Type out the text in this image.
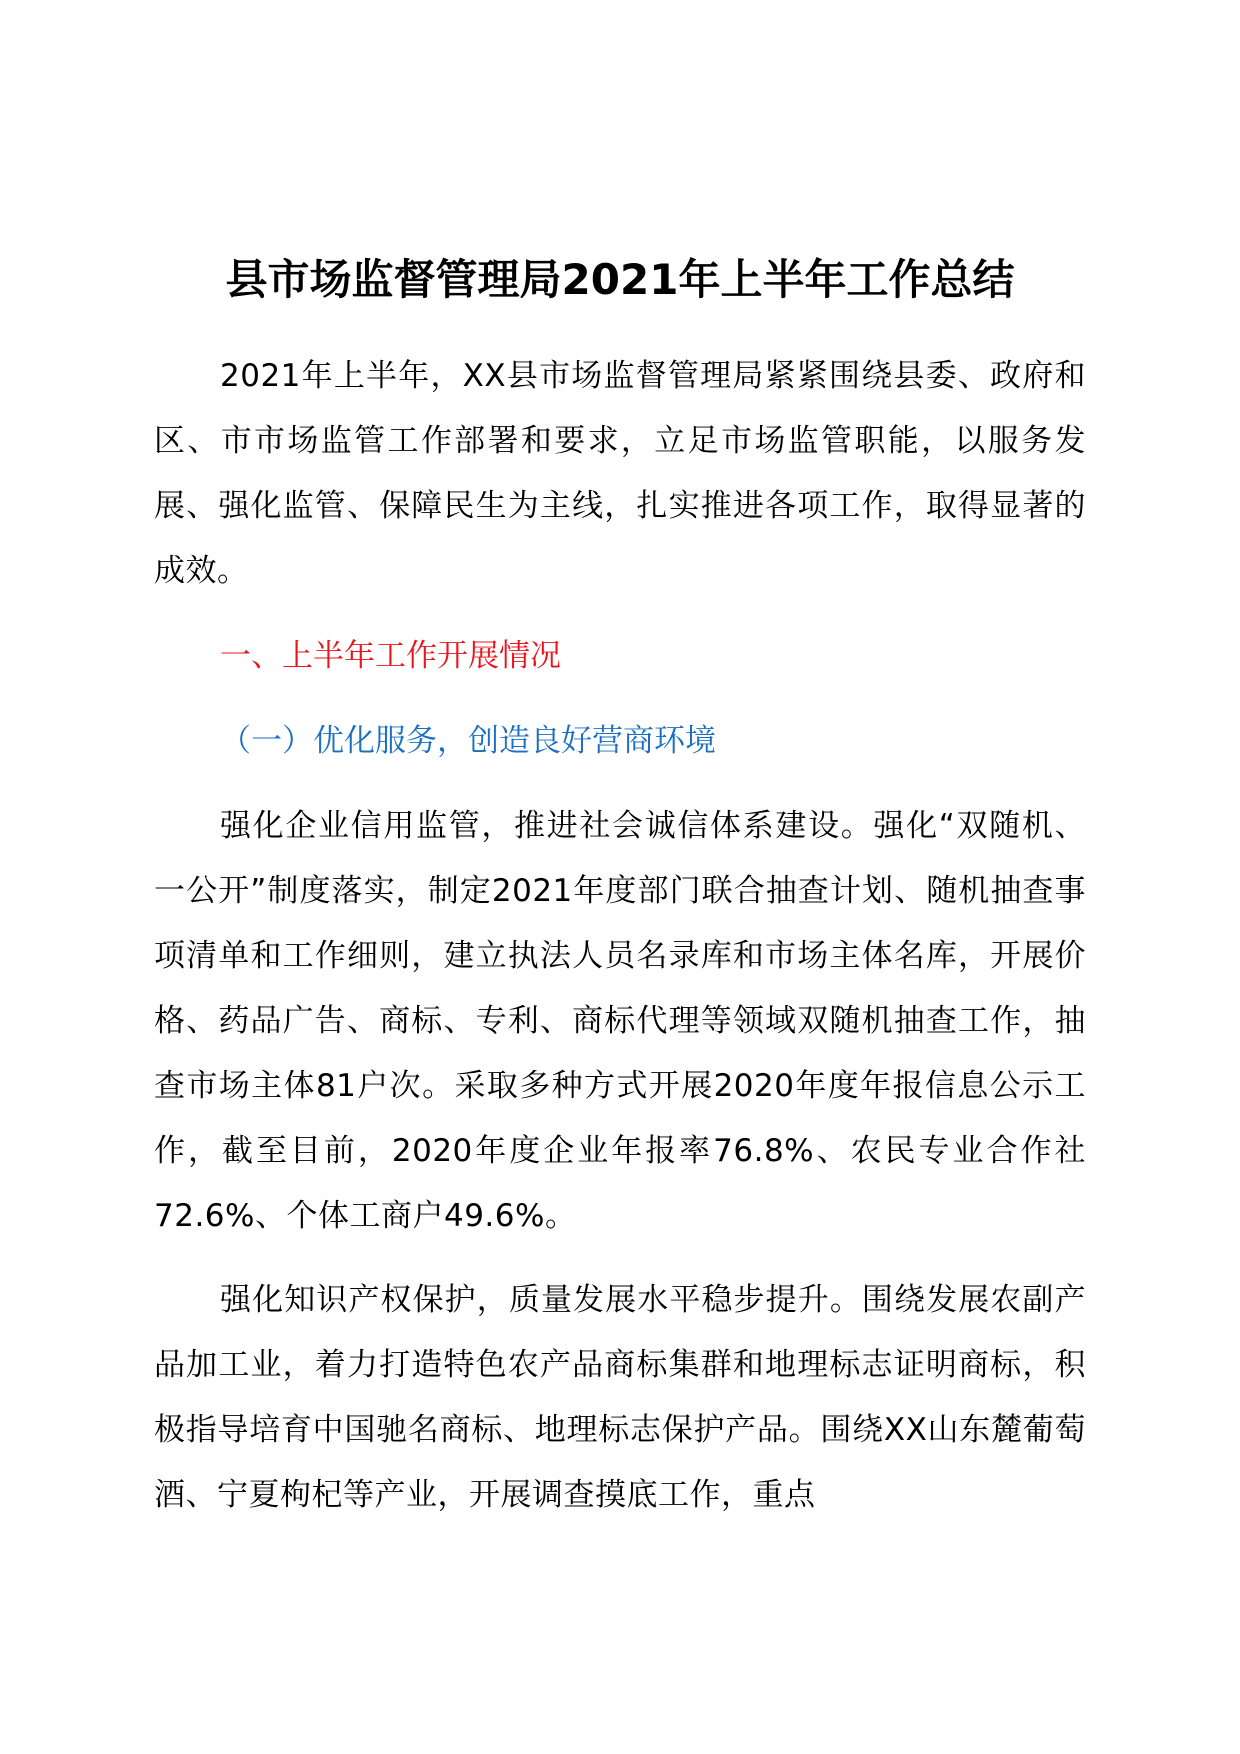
县市场监督管理局2021年上半年工作总结

2021年上半年，XX县市场监督管理局紧紧围绕县委、政府和区、市市场监管工作部署和要求，立足市场监管职能，以服务发展、强化监管、保障民生为主线，扎实推进各项工作，取得显著的成效。

一、上半年工作开展情况
（一）优化服务，创造良好营商环境

强化企业信用监管，推进社会诚信体系建设。强化“双随机、一公开”制度落实，制定2021年度部门联合抽查计划、随机抽查事项清单和工作细则，建立执法人员名录库和市场主体名库，开展价格、药品广告、商标、专利、商标代理等领域双随机抽查工作，抽查市场主体81户次。采取多种方式开展2020年度年报信息公示工作，截至目前，2020年度企业年报率76.8%、农民专业合作社72.6%、个体工商户49.6%。

强化知识产权保护，质量发展水平稳步提升。围绕发展农副产品加工业，着力打造特色农产品商标集群和地理标志证明商标，积极指导培育中国驰名商标、地理标志保护产品。围绕XX山东麓葡萄酒、宁夏枸杞等产业，开展调查摸底工作，重点
